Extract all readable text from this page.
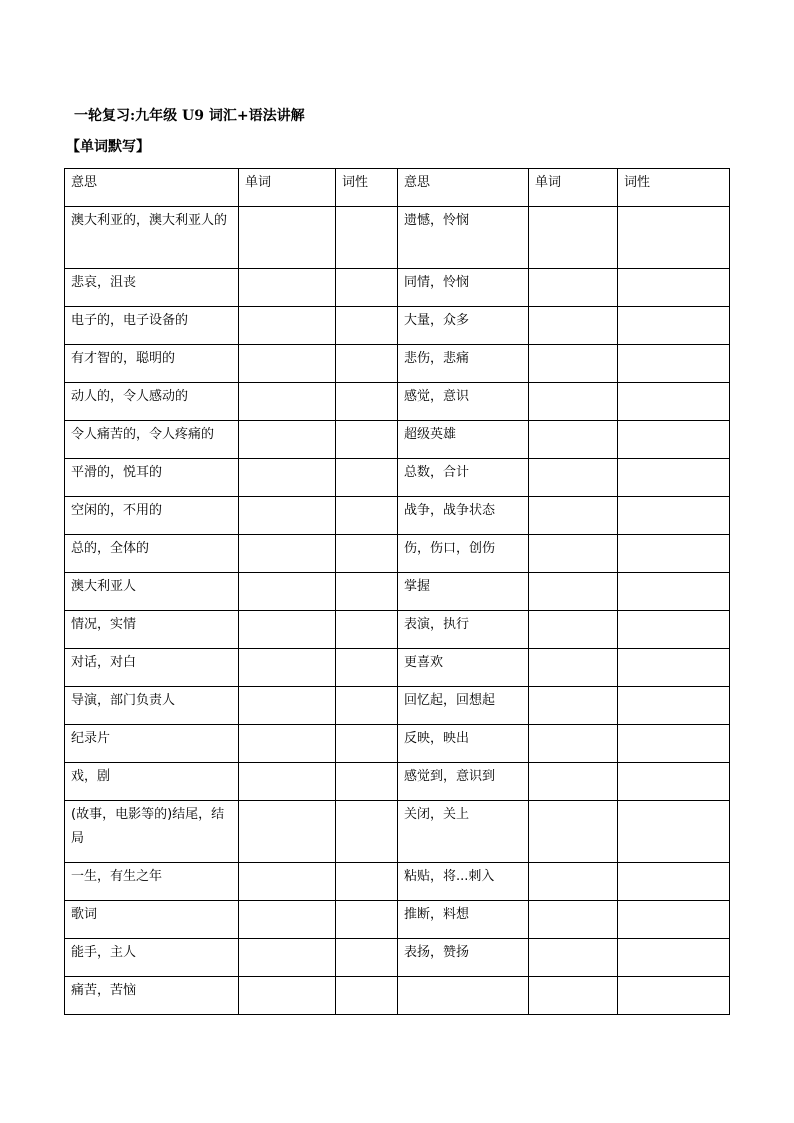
一轮复习:九年级 U9 词汇+语法讲解
【单词默写】
意思	单词	词性	意思	单词	词性
澳大利亚的，澳大利亚人的			遗憾，怜悯		
悲哀，沮丧			同情，怜悯		
电子的，电子设备的			大量，众多		
有才智的，聪明的			悲伤，悲痛		
动人的，令人感动的			感觉，意识		
令人痛苦的，令人疼痛的			超级英雄		
平滑的，悦耳的			总数，合计		
空闲的，不用的			战争，战争状态		
总的，全体的			伤，伤口，创伤		
澳大利亚人			掌握		
情况，实情			表演，执行		
对话，对白			更喜欢		
导演，部门负责人			回忆起，回想起		
纪录片			反映，映出		
戏，剧			感觉到，意识到		
(故事，电影等的)结尾，结局			关闭，关上		
一生，有生之年			粘贴，将...刺入		
歌词			推断，料想		
能手，主人			表扬，赞扬		
痛苦，苦恼					
